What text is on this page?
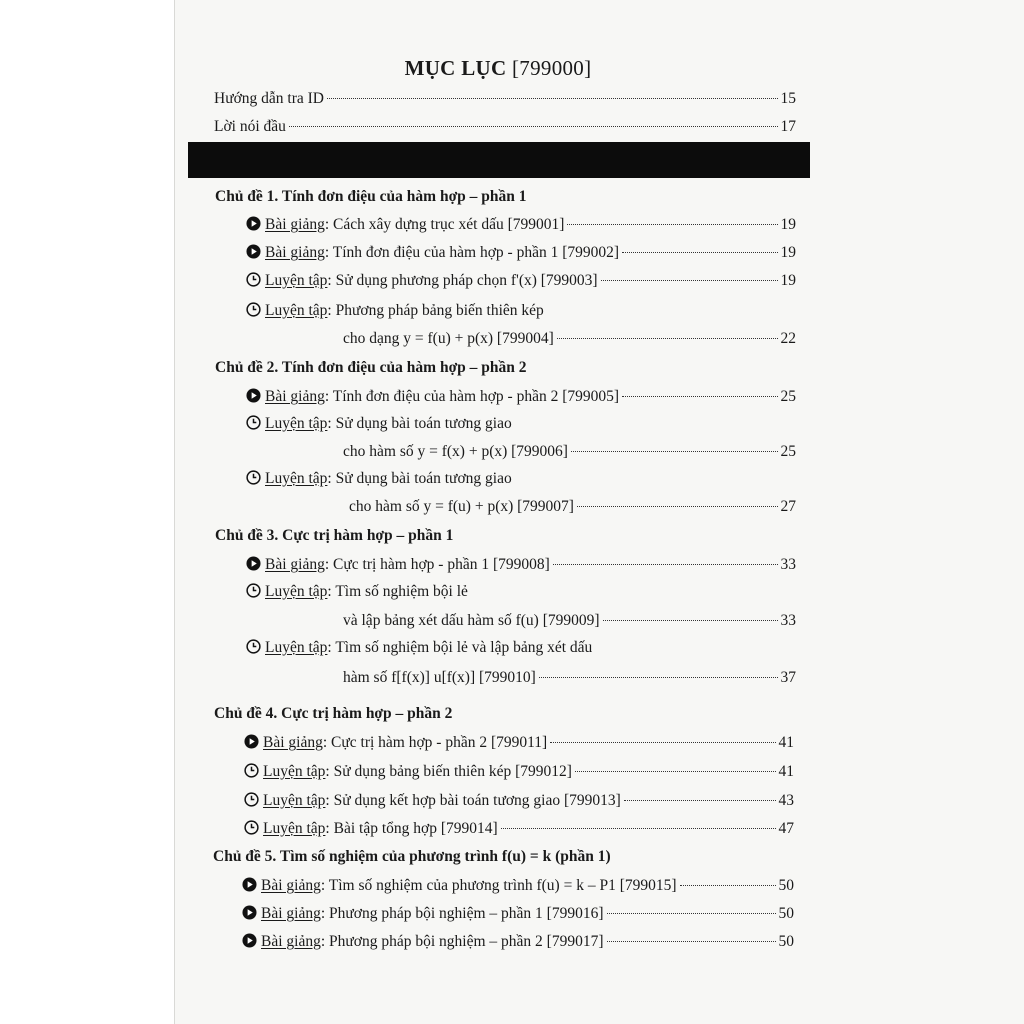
MỤC LỤC [799000]
Hướng dẫn tra ID	15
Lời nói đầu	17
Chủ đề 1. Tính đơn điệu của hàm hợp – phần 1
Bài giảng: Cách xây dựng trục xét dấu [799001]	19
Bài giảng: Tính đơn điệu của hàm hợp - phần 1 [799002]	19
Luyện tập: Sử dụng phương pháp chọn f'(x) [799003]	19
Luyện tập: Phương pháp bảng biến thiên kép
cho dạng y = f(u) + p(x) [799004]	22
Chủ đề 2. Tính đơn điệu của hàm hợp – phần 2
Bài giảng: Tính đơn điệu của hàm hợp - phần 2 [799005]	25
Luyện tập: Sử dụng bài toán tương giao
cho hàm số y = f(x) + p(x) [799006]	25
Luyện tập: Sử dụng bài toán tương giao
cho hàm số y = f(u) + p(x) [799007]	27
Chủ đề 3. Cực trị hàm hợp – phần 1
Bài giảng: Cực trị hàm hợp - phần 1 [799008]	33
Luyện tập: Tìm số nghiệm bội lẻ
và lập bảng xét dấu hàm số f(u) [799009]	33
Luyện tập: Tìm số nghiệm bội lẻ và lập bảng xét dấu
hàm số f[f(x)] u[f(x)] [799010]	37
Chủ đề 4. Cực trị hàm hợp – phần 2
Bài giảng: Cực trị hàm hợp - phần 2 [799011]	41
Luyện tập: Sử dụng bảng biến thiên kép [799012]	41
Luyện tập: Sử dụng kết hợp bài toán tương giao [799013]	43
Luyện tập: Bài tập tổng hợp [799014]	47
Chủ đề 5. Tìm số nghiệm của phương trình f(u) = k (phần 1)
Bài giảng: Tìm số nghiệm của phương trình f(u) = k – P1 [799015]	50
Bài giảng: Phương pháp bội nghiệm – phần 1 [799016]	50
Bài giảng: Phương pháp bội nghiệm – phần 2 [799017]	50
